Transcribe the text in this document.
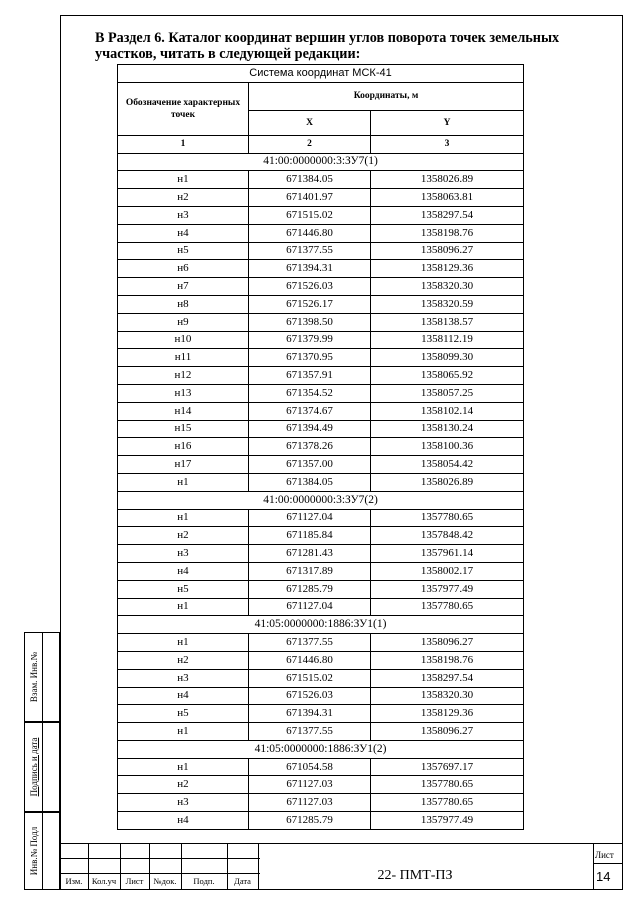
В Раздел 6. Каталог координат вершин углов поворота точек земельных участков, читать в следующей редакции:
Система координат МСК-41		
Обозначение характерных точек	Координаты, м	
	X	Y
1	2	3
41:00:0000000:3:ЗУ7(1)		
н1	671384.05	1358026.89
н2	671401.97	1358063.81
н3	671515.02	1358297.54
н4	671446.80	1358198.76
н5	671377.55	1358096.27
н6	671394.31	1358129.36
н7	671526.03	1358320.30
н8	671526.17	1358320.59
н9	671398.50	1358138.57
н10	671379.99	1358112.19
н11	671370.95	1358099.30
н12	671357.91	1358065.92
н13	671354.52	1358057.25
н14	671374.67	1358102.14
н15	671394.49	1358130.24
н16	671378.26	1358100.36
н17	671357.00	1358054.42
н1	671384.05	1358026.89
41:00:0000000:3:ЗУ7(2)		
н1	671127.04	1357780.65
н2	671185.84	1357848.42
н3	671281.43	1357961.14
н4	671317.89	1358002.17
н5	671285.79	1357977.49
н1	671127.04	1357780.65
41:05:0000000:1886:ЗУ1(1)		
н1	671377.55	1358096.27
н2	671446.80	1358198.76
н3	671515.02	1358297.54
н4	671526.03	1358320.30
н5	671394.31	1358129.36
н1	671377.55	1358096.27
41:05:0000000:1886:ЗУ1(2)		
н1	671054.58	1357697.17
н2	671127.03	1357780.65
н3	671127.03	1357780.65
н4	671285.79	1357977.49
Взам. Инв.№
Подпись и дата
Инв.№ Подл
Изм.	Кол.уч	Лист	№док.	Подп.	Дата	22- ПМТ-ПЗ
Лист
14
